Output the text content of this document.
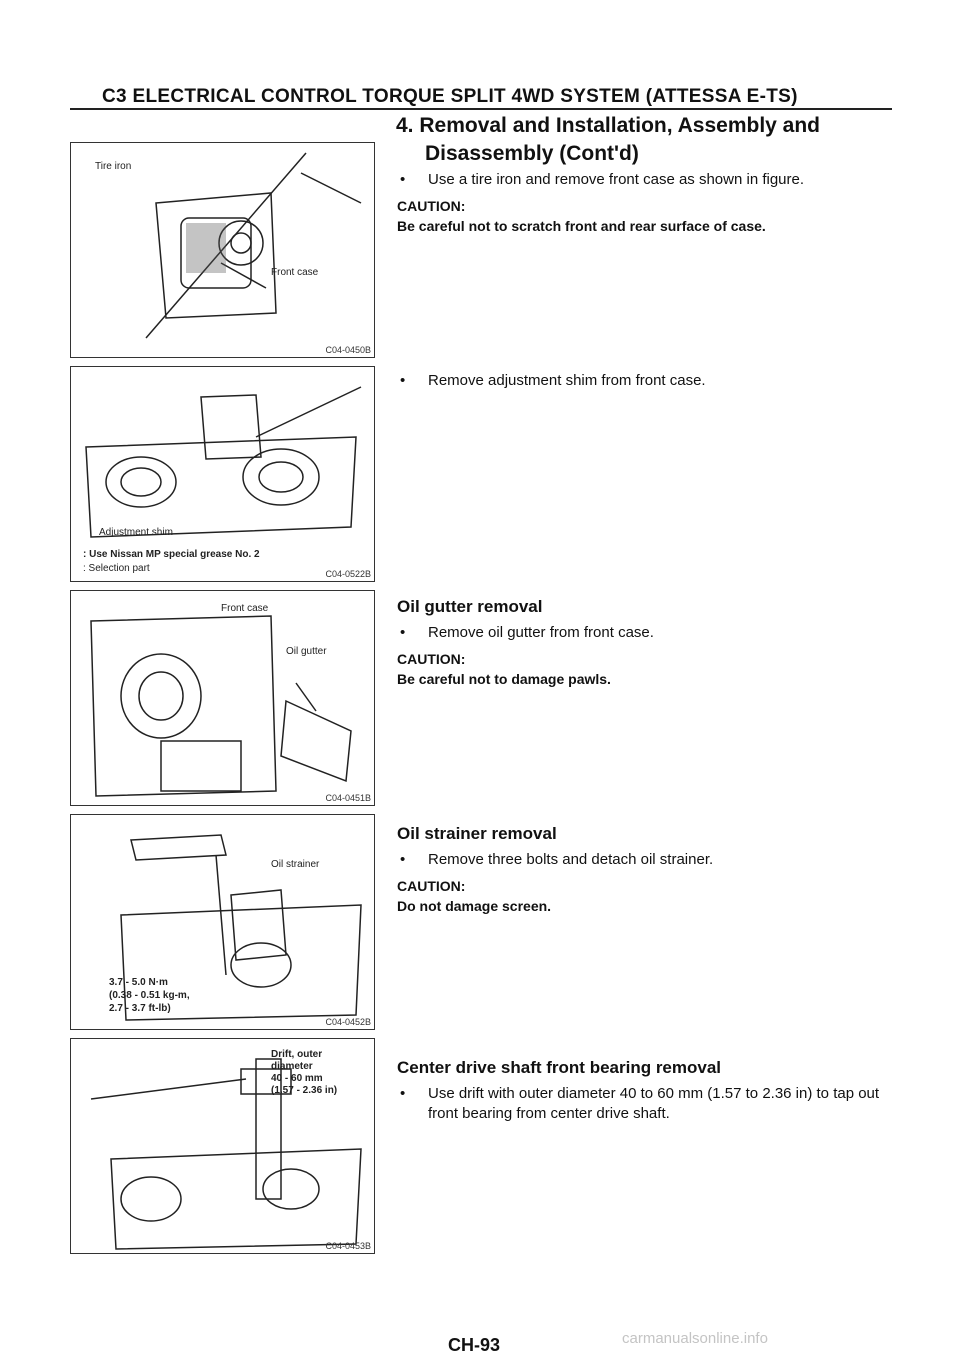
C3 ELECTRICAL CONTROL TORQUE SPLIT 4WD SYSTEM (ATTESSA E-TS)
4. Removal and Installation, Assembly and
Disassembly (Cont'd)
Tire iron
Front case
C04-0450B
Adjustment shim
: Use Nissan MP special grease No. 2
: Selection part	C04-0522B
Front case
Oil gutter
C04-0451B
Oil strainer
3.7 - 5.0 N·m
(0.38 - 0.51 kg-m,
2.7 - 3.7 ft-lb)
C04-0452B
Drift, outer
diameter
40 - 60 mm
(1.57 - 2.36 in)
C04-0453B
• Use a tire iron and remove front case as shown in figure.
CAUTION:
Be careful not to scratch front and rear surface of case.
• Remove adjustment shim from front case.
Oil gutter removal
• Remove oil gutter from front case.
CAUTION:
Be careful not to damage pawls.
Oil strainer removal
• Remove three bolts and detach oil strainer.
CAUTION:
Do not damage screen.
Center drive shaft front bearing removal
• Use drift with outer diameter 40 to 60 mm (1.57 to 2.36 in) to tap out front bearing from center drive shaft.
CH-93	carmanualsonline.info
